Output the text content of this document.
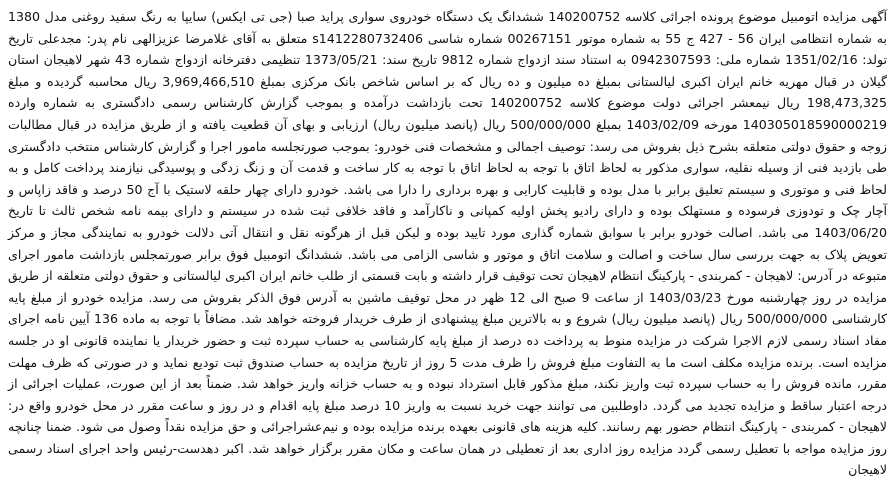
آگهی مزایده اتومبیل موضوع پرونده اجرائی کلاسه 140200752 ششدانگ یک دستگاه خودروی سواری پراید صبا (جی تی ایکس) سایپا به رنگ سفید روغنی مدل 1380 به شماره انتظامی ایران 56 - 427 ج 55 به شماره موتور 00267151 شماره شاسی s1412280732406 متعلق به آقای غلامرضا عزیزالهی نام پدر: مجدعلی تاریخ تولد: 1351/02/16 شماره ملی: 0942307593 به استناد سند ازدواج شماره 9812 تاریخ سند: 1373/05/21 تنظیمی دفترخانه ازدواج شماره 43 شهر لاهیجان استان گیلان در قبال مهریه خانم ایران اکبری لیالستانی بمبلغ ده میلیون و ده ریال که بر اساس شاخص بانک مرکزی بمبلغ 3,969,466,510 ریال محاسبه گردیده و مبلغ 198,473,325 ریال نیمعشر اجرائی دولت موضوع کلاسه 140200752 تحت بازداشت درآمده و بموجب گزارش کارشناس رسمی دادگستری به شماره وارده 140305018590000219 مورخه 1403/02/09 بمبلغ 500/000/000 ریال (پانصد میلیون ریال) ارزیابی و بهای آن قطعیت یافته و از طریق مزایده در قبال مطالبات زوجه و حقوق دولتی متعلقه بشرح ذیل بفروش می رسد: توصیف اجمالی و مشخصات فنی خودرو: بموجب صورتجلسه مامور اجرا و گزارش کارشناس منتخب دادگستری طی بازدید فنی از وسیله نقلیه، سواری مذکور به لحاظ اتاق با توجه به لحاظ اتاق با توجه به کار ساخت و قدمت آن و زنگ زدگی و پوسیدگی نیازمند پرداخت کامل و به لحاظ فنی و موتوری و سیستم تعلیق برابر با مدل بوده و قابلیت کارایی و بهره برداری را دارا می باشد. خودرو دارای چهار حلقه لاستیک با آج 50 درصد و فاقد زاپاس و آچار چک و تودوزی فرسوده و مستهلک بوده و دارای رادیو پخش اولیه کمپانی و ناکارآمد و فاقد خلافی ثبت شده در سیستم و دارای بیمه نامه شخص ثالث تا تاریخ 1403/06/20 می باشد. اصالت خودرو برابر با سوابق شماره گذاری مورد تایید بوده و لیکن قبل از هرگونه نقل و انتقال آتی دلالت خودرو به نمایندگی مجاز و مرکز تعویض پلاک به جهت بررسی سال ساخت و اصالت و سلامت اتاق و موتور و شاسی الزامی می باشد. ششدانگ اتومبیل فوق برابر صورتمجلس بازداشت مامور اجرای متبوعه در آدرس: لاهیجان - کمربندی - پارکینگ انتظام لاهیجان تحت توقیف قرار داشته و بابت قسمتی از طلب خانم ایران اکبری لیالستانی و حقوق دولتی متعلقه از طریق مزایده در روز چهارشنبه مورخ 1403/03/23 از ساعت 9 صبح الی 12 ظهر در محل توقیف ماشین به آدرس فوق الذکر بفروش می رسد. مزایده خودرو از مبلغ پایه کارشناسی 500/000/000 ریال (پانصد میلیون ریال) شروع و به بالاترین مبلغ پیشنهادی از طرف خریدار فروخته خواهد شد. مضافاً با توجه به ماده 136 آیین نامه اجرای مفاد اسناد رسمی لازم الاجرا شرکت در مزایده منوط به پرداخت ده درصد از مبلغ پایه کارشناسی به حساب سپرده ثبت و حضور خریدار یا نماینده قانونی او در جلسه مزایده است. برنده مزایده مکلف است ما به التفاوت مبلغ فروش را ظرف مدت 5 روز از تاریخ مزایده به حساب صندوق ثبت تودیع نماید و در صورتی که ظرف مهلت مقرر، مانده فروش را به حساب سپرده ثبت واریز نکند، مبلغ مذکور قابل استرداد نبوده و به حساب خزانه واریز خواهد شد. ضمناً بعد از این صورت، عملیات اجرائی از درجه اعتبار ساقط و مزایده تجدید می گردد. داوطلبین می توانند جهت خرید نسبت به واریز 10 درصد مبلغ پایه اقدام و در روز و ساعت مقرر در محل خودرو واقع در: لاهیجان - کمربندی - پارکینگ انتظام حضور بهم رسانند. کلیه هزینه های قانونی بعهده برنده مزایده بوده و نیم‌عشراجرائی و حق مزایده نقداً وصول می شود. ضمنا چنانچه روز مزایده مواجه با تعطیل رسمی گردد مزایده روز اداری بعد از تعطیلی در همان ساعت و مکان مقرر برگزار خواهد شد. اکبر دهدست-رئیس واحد اجرای اسناد رسمی لاهیجان
